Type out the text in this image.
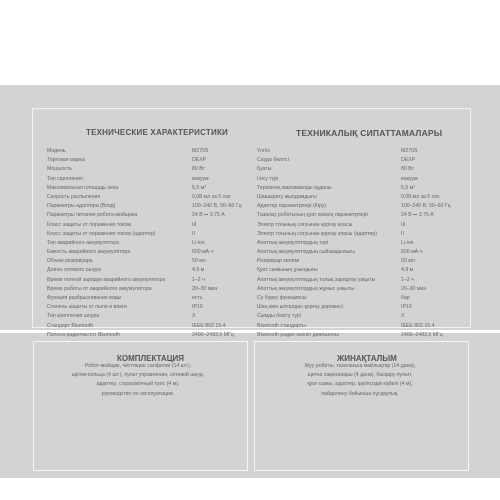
ТЕХНИЧЕСКИЕ ХАРАКТЕРИСТИКИ	ТЕХНИКАЛЫҚ СИПАТТАМАЛАРЫ
Модель
Торговая марка
Мощность
Тип сцепления
Максимальная площадь окна
Скорость распыления
Параметры адаптера (Вход)
Параметры питания робота-мойщика
Класс защиты от поражения током
Класс защиты от поражения током (адаптер)
Тип аварийного аккумулятора
Емкость аварийного аккумулятора
Объем резервуара
Длина сетевого шнура
Время полной зарядки аварийного аккумулятора
Время работы от аварийного аккумулятора
Функция разбрызгивания воды
Степень защиты от пыли и влаги
Тип крепления шнура
Стандарт Bluetooth
Полоса радиочастот Bluetooth
M270S
DEXP
80 Вт
вакуум
5,5 м²
0,08 мл за 5 сек
100–240 В, 50–60 Гц
24 В ⎓ 3,75 А
III
II
Li-ion
600 мА·ч
50 мл
4,9 м
1–2 ч
20–30 мин
есть
IP10
X
IEEE 802.15.4
2400–2483,5 МГц
Үлгісі
Сауда белгісі
Қуаты
Ілісу түрі
Терезенің максималды ауданы
Шашырату жылдамдығы
Адаптер параметрлері (Кіру)
Тазалау роботының қуат көзінің параметрлері
Электр тоғының соғуынан қорғау класы
Электр тоғының соғуынан қорғау класы (адаптер)
Апаттық аккумулятордың түрі
Апаттық аккумулятордың сыйымдылығы
Резервуар көлемі
Қуат сымының ұзындығы
Апаттық аккумулятордың толық зарядтау уақыты
Апаттық аккумулятордың жұмыс уақыты
Су бүрку функциясы
Шаң мен ылғалдан қорғау дәрежесі
Сымды бекіту түрі
Bluetooth стандарты
Bluetooth радио жиілігі диапазоны
M270S
DEXP
80 Вт
вакуум
5,5 м²
0,08 мл за 5 сек
100–240 В, 50–60 Гц
24 В ⎓ 3,75 А
III
II
Li-ion
600 мА·ч
50 мл
4,9 м
1–2 ч
20–30 мин
бар
IP10
X
IEEE 802.15.4
2400–2483,5 МГц
КОМПЛЕКТАЦИЯ	ЖИНАҚТАЛЫМ
Робот-мойщик, чистящие салфетки (14 шт.),
щётки-кольца (4 шт.), пульт управления, сетевой шнур,
адаптер, страховочный трос (4 м),
руководство по эксплуатации.
Жуу роботы, тазалағыш майлықтар (14 дана),
щетка сақиналары (4 дана), басқару пульті,
қуат сымы, адаптер, қауіпсіздік кабелі (4 м),
пайдалану бойынша нұсқаулық.
